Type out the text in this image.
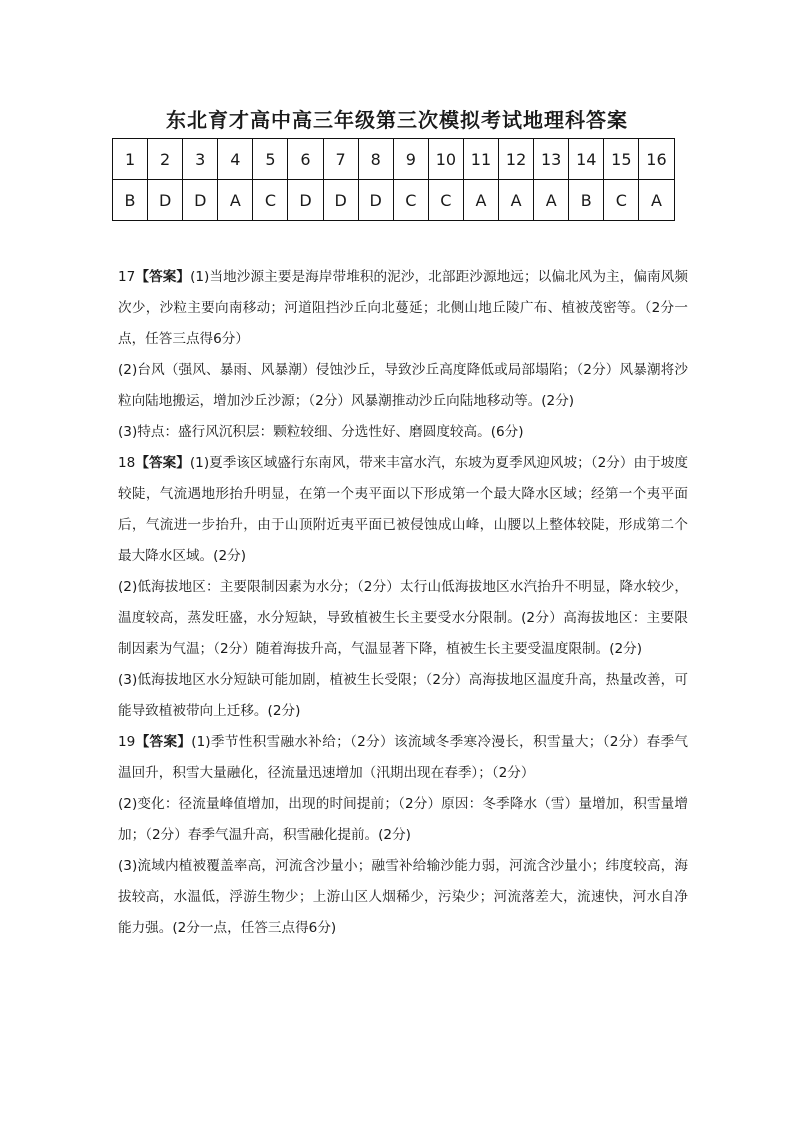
东北育才高中高三年级第三次模拟考试地理科答案
1	2	3	4	5	6	7	8	9	10	11	12	13	14	15	16
B	D	D	A	C	D	D	D	C	C	A	A	A	B	C	A

17【答案】(1)当地沙源主要是海岸带堆积的泥沙，北部距沙源地远；以偏北风为主，偏南风频次少，沙粒主要向南移动；河道阻挡沙丘向北蔓延；北侧山地丘陵广布、植被茂密等。（2分一点，任答三点得6分）

(2)台风（强风、暴雨、风暴潮）侵蚀沙丘，导致沙丘高度降低或局部塌陷；（2分）风暴潮将沙粒向陆地搬运，增加沙丘沙源；（2分）风暴潮推动沙丘向陆地移动等。(2分)

(3)特点：盛行风沉积层：颗粒较细、分选性好、磨圆度较高。(6分)

18【答案】(1)夏季该区域盛行东南风，带来丰富水汽，东坡为夏季风迎风坡；（2分）由于坡度较陡，气流遇地形抬升明显，在第一个夷平面以下形成第一个最大降水区域；经第一个夷平面后，气流进一步抬升，由于山顶附近夷平面已被侵蚀成山峰，山腰以上整体较陡，形成第二个最大降水区域。(2分)

(2)低海拔地区：主要限制因素为水分；（2分）太行山低海拔地区水汽抬升不明显，降水较少，温度较高，蒸发旺盛，水分短缺，导致植被生长主要受水分限制。(2分）高海拔地区：主要限制因素为气温；（2分）随着海拔升高，气温显著下降，植被生长主要受温度限制。(2分)

(3)低海拔地区水分短缺可能加剧，植被生长受限；（2分）高海拔地区温度升高，热量改善，可能导致植被带向上迁移。(2分)

19【答案】(1)季节性积雪融水补给；（2分）该流域冬季寒冷漫长，积雪量大；（2分）春季气温回升，积雪大量融化，径流量迅速增加（汛期出现在春季）；（2分）

(2)变化：径流量峰值增加，出现的时间提前；（2分）原因：冬季降水（雪）量增加，积雪量增加；（2分）春季气温升高，积雪融化提前。(2分)

(3)流域内植被覆盖率高，河流含沙量小；融雪补给输沙能力弱，河流含沙量小；纬度较高，海拔较高，水温低，浮游生物少；上游山区人烟稀少，污染少；河流落差大，流速快，河水自净能力强。(2分一点，任答三点得6分)
